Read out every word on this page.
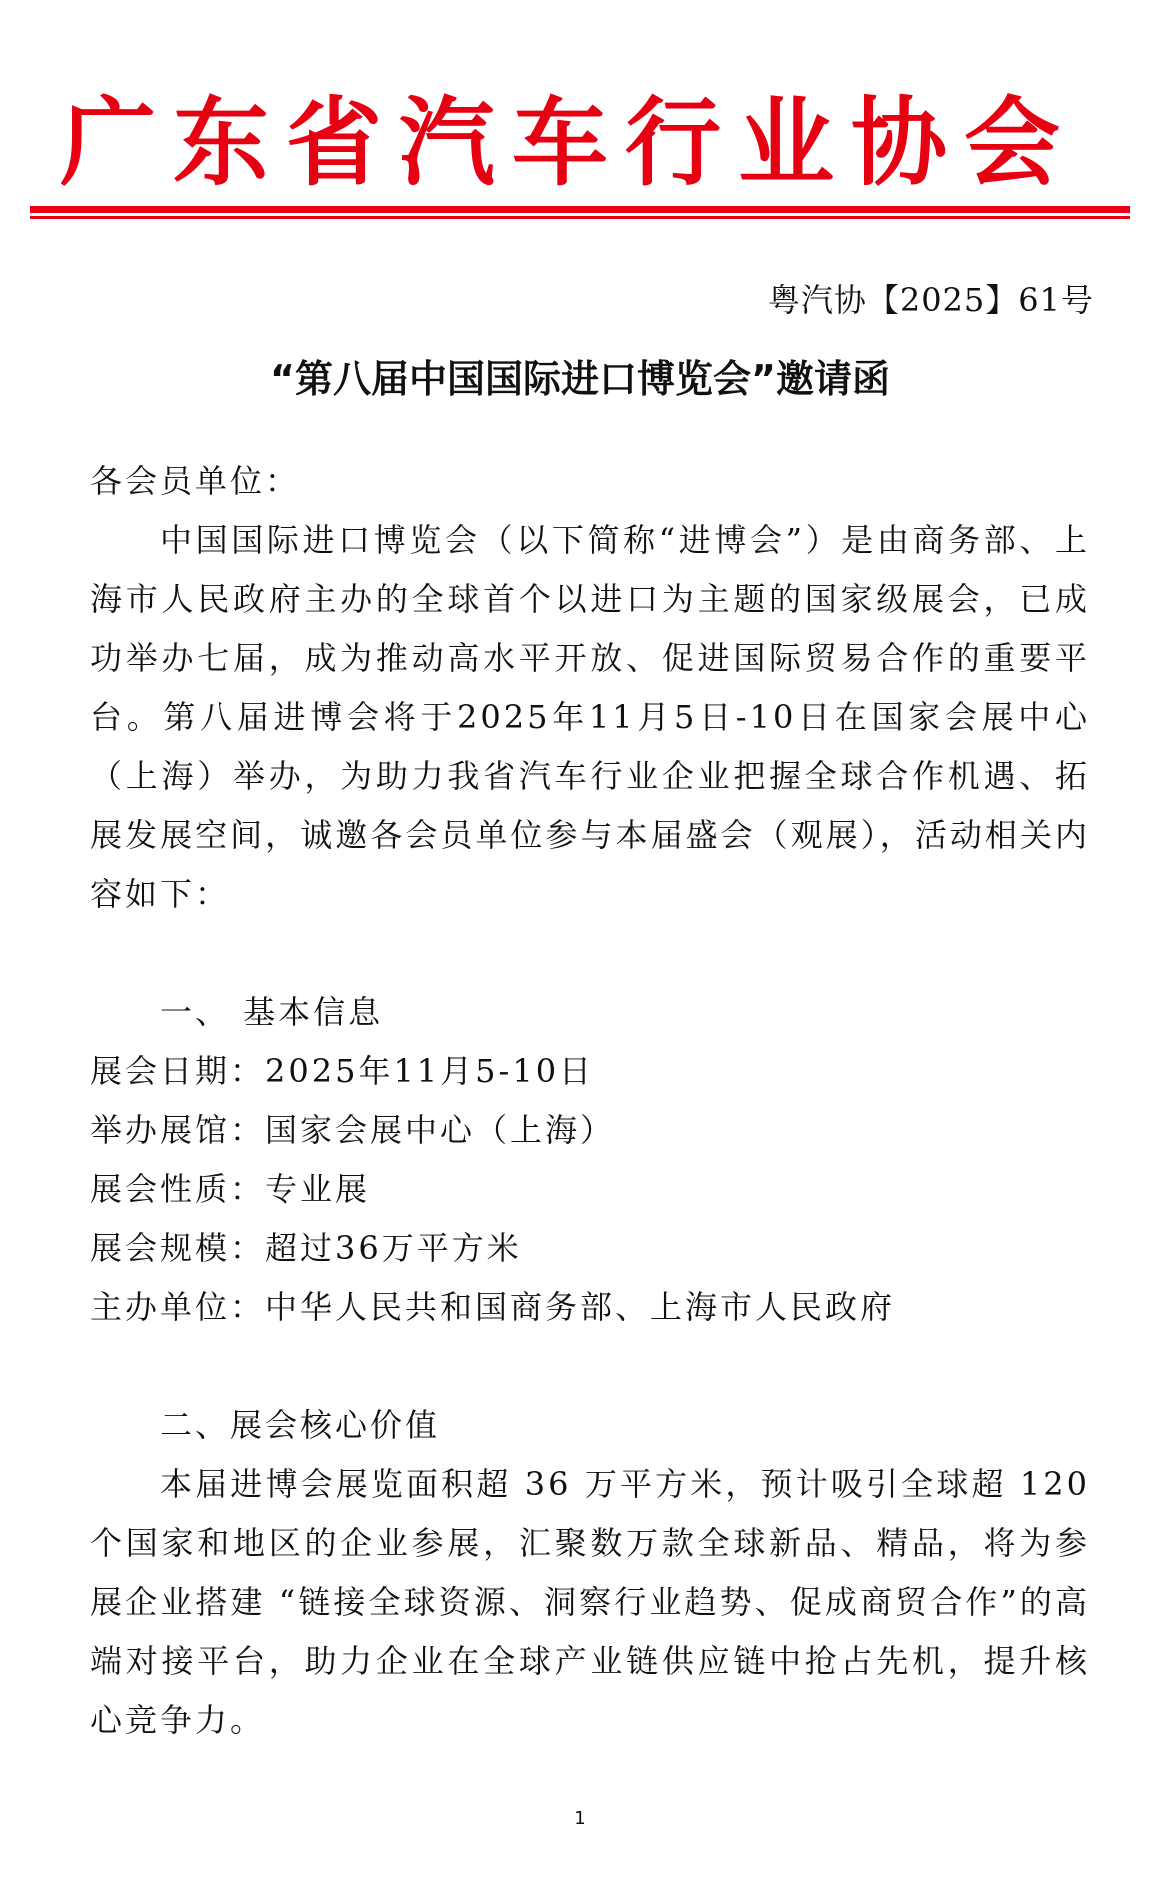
广 东 省 汽 车 行 业 协 会
粤汽协【2025】61号
“第八届中国国际进口博览会”邀请函

各会员单位：

中国国际进口博览会（以下简称“进博会”）是由商务部、上海市人民政府主办的全球首个以进口为主题的国家级展会，已成功举办七届，成为推动高水平开放、促进国际贸易合作的重要平台。第八届进博会将于2025年11月5日-10日在国家会展中心（上海）举办，为助力我省汽车行业企业把握全球合作机遇、拓展发展空间，诚邀各会员单位参与本届盛会（观展），活动相关内容如下：

一、 基本信息

展会日期：2025年11月5-10日

举办展馆：国家会展中心（上海）

展会性质：专业展

展会规模：超过36万平方米

主办单位：中华人民共和国商务部、上海市人民政府

二、展会核心价值

本届进博会展览面积超 36 万平方米，预计吸引全球超 120 个国家和地区的企业参展，汇聚数万款全球新品、精品，将为参展企业搭建 “链接全球资源、洞察行业趋势、促成商贸合作”的高端对接平台，助力企业在全球产业链供应链中抢占先机，提升核心竞争力。

1
